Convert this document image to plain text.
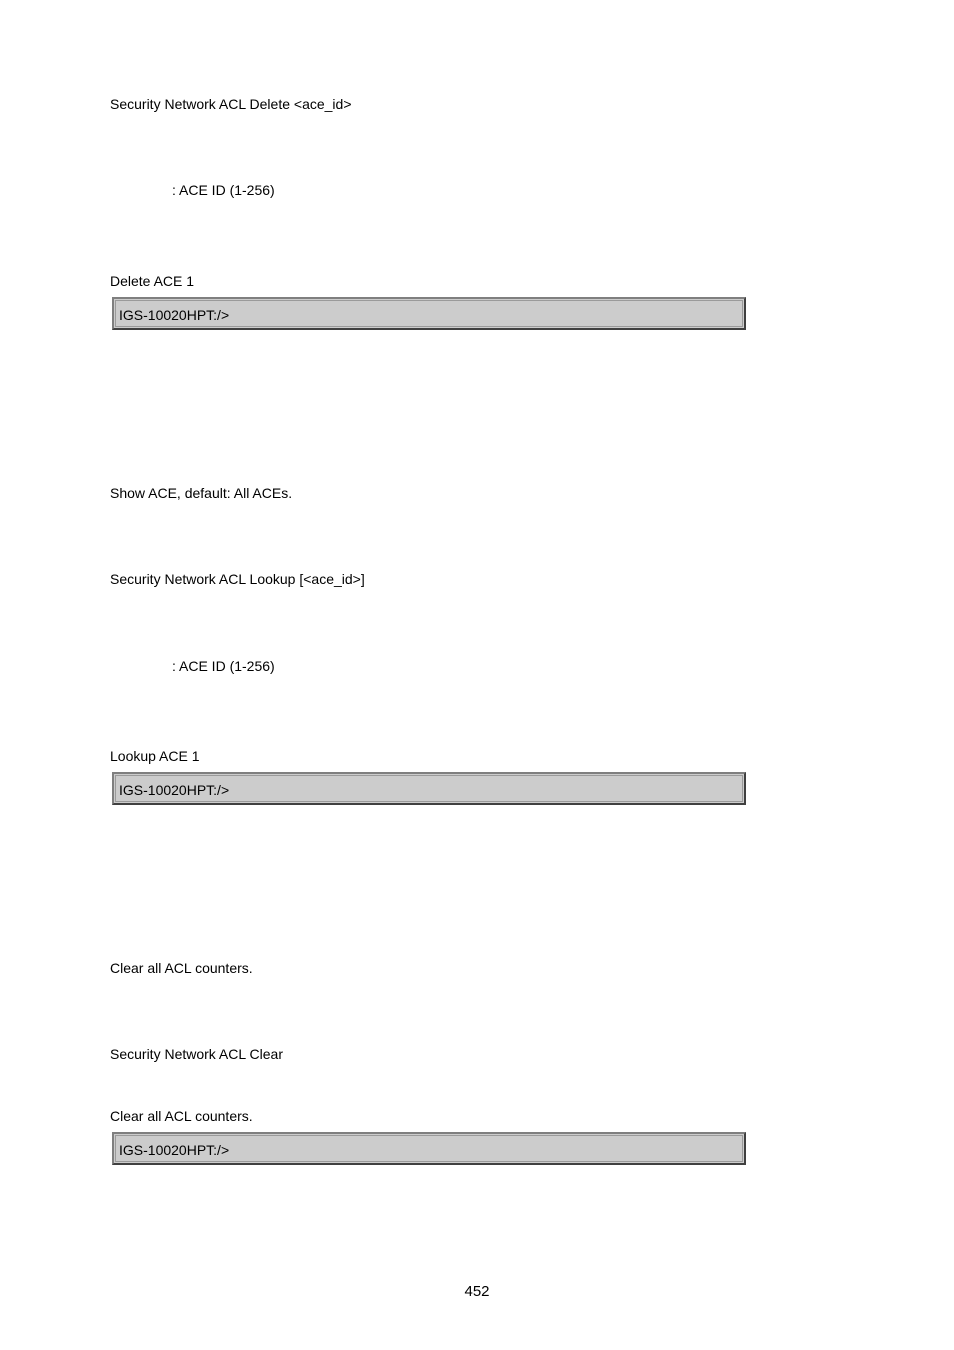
Security Network ACL Delete <ace_id>
: ACE ID (1-256)
Delete ACE 1
IGS-10020HPT:/>
Show ACE, default: All ACEs.
Security Network ACL Lookup [<ace_id>]
: ACE ID (1-256)
Lookup ACE 1
IGS-10020HPT:/>
Clear all ACL counters.
Security Network ACL Clear
Clear all ACL counters.
IGS-10020HPT:/>
452
